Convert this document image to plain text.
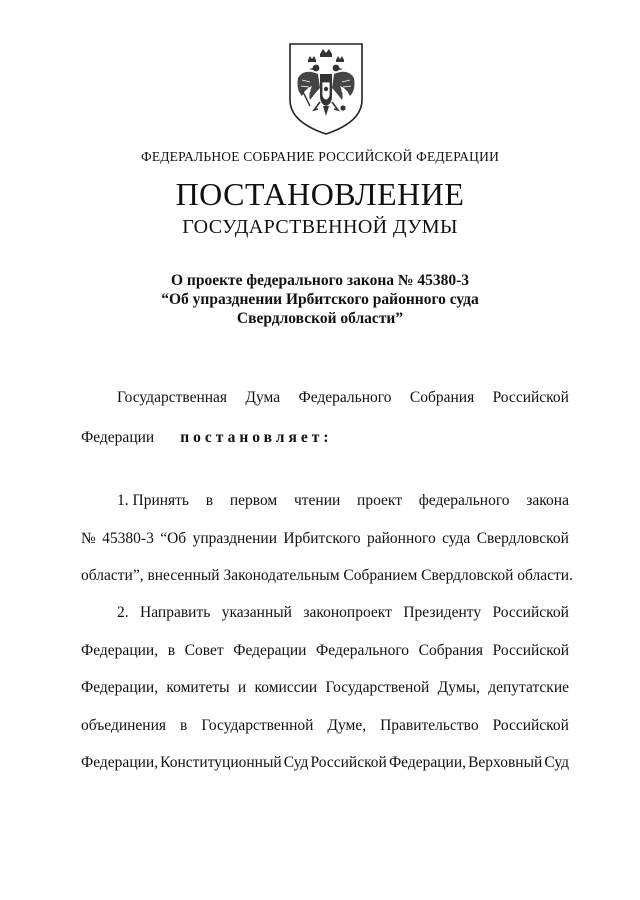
ФЕДЕРАЛЬНОЕ СОБРАНИЕ РОССИЙСКОЙ ФЕДЕРАЦИИ
ПОСТАНОВЛЕНИЕ
ГОСУДАРСТВЕННОЙ ДУМЫ
О проекте федерального закона № 45380-3
“Об упразднении Ирбитского районного суда
Свердловской области”
Государственная Дума Федерального Собрания Российской
Федерации постановляет:
1. Принять в первом чтении проект федерального закона
№ 45380-3 “Об упразднении Ирбитского районного суда Свердловской
области”, внесенный Законодательным Собранием Свердловской области.
2. Направить указанный законопроект Президенту Российской
Федерации, в Совет Федерации Федерального Собрания Российской
Федерации, комитеты и комиссии Государственой Думы, депутатские
объединения в Государственной Думе, Правительство Российской
Федерации, Конституционный Суд Российской Федерации, Верховный Суд
